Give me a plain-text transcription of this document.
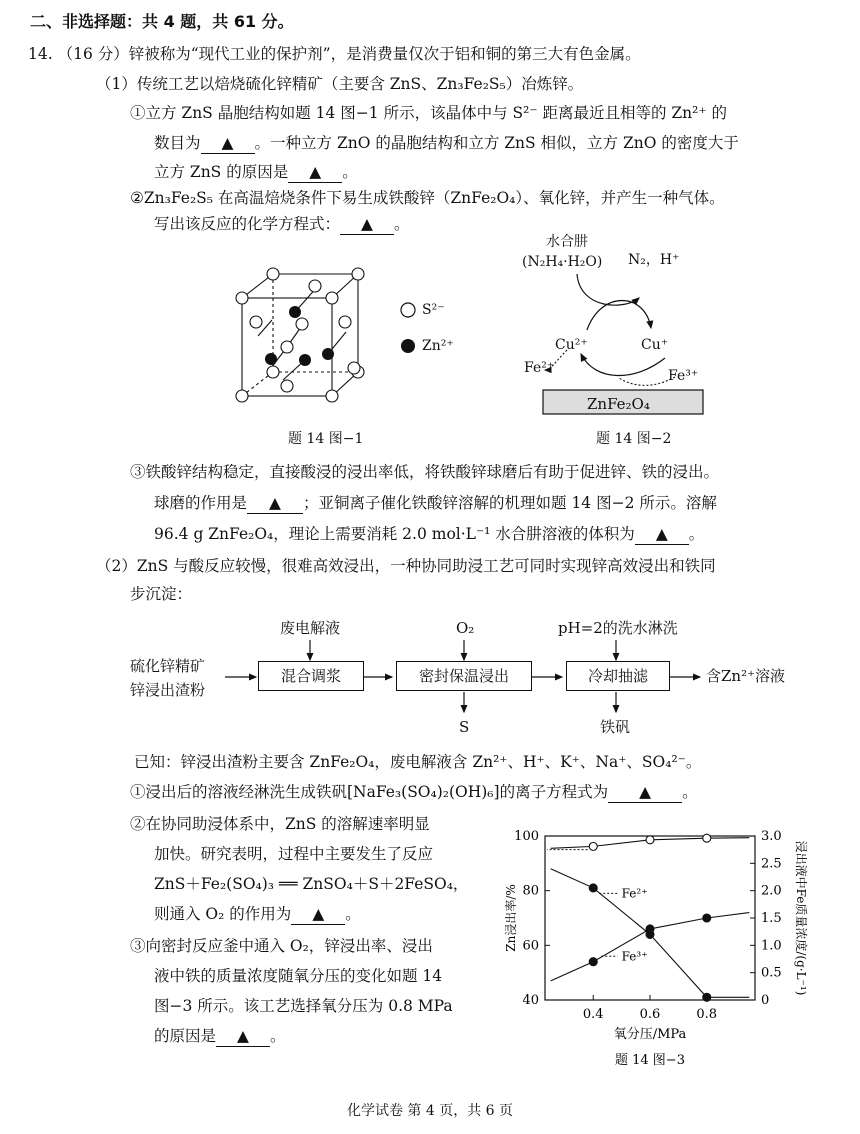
二、非选择题：共 4 题，共 61 分。
14. （16 分）锌被称为“现代工业的保护剂”，是消费量仅次于铝和铜的第三大有色金属。
（1）传统工艺以焙烧硫化锌精矿（主要含 ZnS、Zn₃Fe₂S₅）冶炼锌。
①立方 ZnS 晶胞结构如题 14 图−1 所示，该晶体中与 S²⁻ 距离最近且相等的 Zn²⁺ 的
数目为 ▲ 。一种立方 ZnO 的晶胞结构和立方 ZnS 相似，立方 ZnO 的密度大于
立方 ZnS 的原因是 ▲ 。
②Zn₃Fe₂S₅ 在高温焙烧条件下易生成铁酸锌（ZnFe₂O₄）、氧化锌，并产生一种气体。
写出该反应的化学方程式： ▲ 。
S²⁻
Zn²⁺
题 14 图−1
水合肼
(N₂H₄·H₂O) N₂，H⁺
Cu²⁺	Cu⁺
Fe²⁺	Fe³⁺
ZnFe₂O₄
题 14 图−2
③铁酸锌结构稳定，直接酸浸的浸出率低，将铁酸锌球磨后有助于促进锌、铁的浸出。
球磨的作用是 ▲ ；亚铜离子催化铁酸锌溶解的机理如题 14 图−2 所示。溶解
96.4 g ZnFe₂O₄，理论上需要消耗 2.0 mol·L⁻¹ 水合肼溶液的体积为 ▲ 。
（2）ZnS 与酸反应较慢，很难高效浸出，一种协同助浸工艺可同时实现锌高效浸出和铁同
步沉淀：
硫化锌精矿
锌浸出渣粉
废电解液	O₂	pH=2的洗水淋洗
混合调浆	密封保温浸出	冷却抽滤	含Zn²⁺溶液
S	铁矾
已知：锌浸出渣粉主要含 ZnFe₂O₄，废电解液含 Zn²⁺、H⁺、K⁺、Na⁺、SO₄²⁻。
①浸出后的溶液经淋洗生成铁矾[NaFe₃(SO₄)₂(OH)₆]的离子方程式为 ▲ 。
②在协同助浸体系中，ZnS 的溶解速率明显
加快。研究表明，过程中主要发生了反应
ZnS＋Fe₂(SO₄)₃ ══ ZnSO₄＋S＋2FeSO₄，
则通入 O₂ 的作用为 ▲ 。
③向密封反应釜中通入 O₂，锌浸出率、浸出
液中铁的质量浓度随氧分压的变化如题 14
图−3 所示。该工艺选择氧分压为 0.8 MPa
的原因是 ▲ 。
0.4	0.6	0.8
40
60
80
100
0
0.5
1.0
1.5
2.0
2.5
3.0
氧分压/MPa
Zn浸出率/%	浸出液中Fe质量浓度/(g·L⁻¹)
题 14 图−3
Fe²⁺
Fe³⁺
化学试卷 第 4 页，共 6 页
